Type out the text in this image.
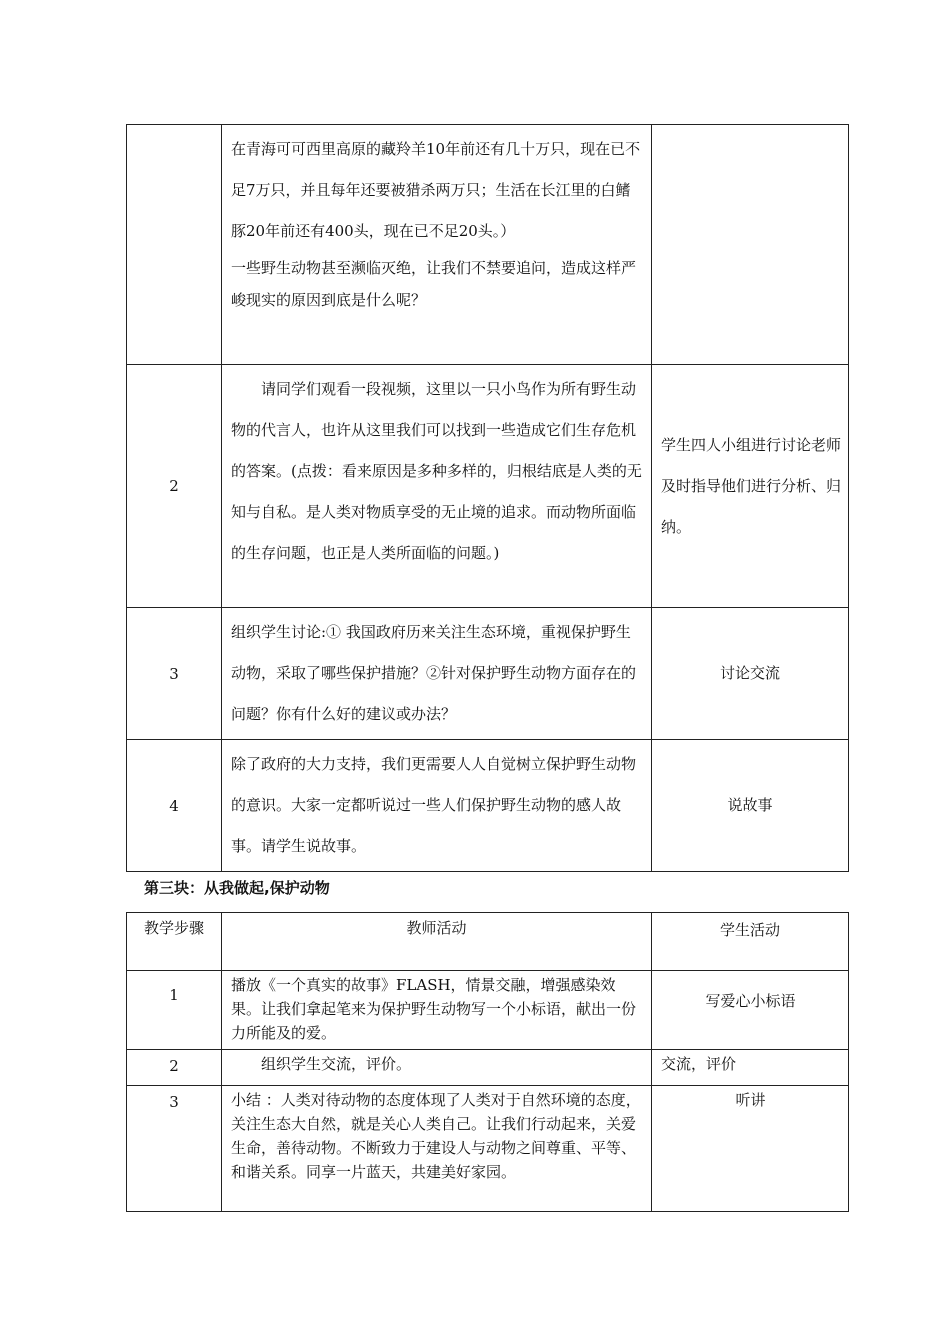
	在青海可可西里高原的藏羚羊10年前还有几十万只，现在已不足7万只，并且每年还要被猎杀两万只；生活在长江里的白鳍豚20年前还有400头，现在已不足20头。）

一些野生动物甚至濒临灭绝，让我们不禁要追问，造成这样严峻现实的原因到底是什么呢？	

2	请同学们观看一段视频，这里以一只小鸟作为所有野生动物的代言人，也许从这里我们可以找到一些造成它们生存危机的答案。(点拨：看来原因是多种多样的，归根结底是人类的无知与自私。是人类对物质享受的无止境的追求。而动物所面临的生存问题，也正是人类所面临的问题。)	学生四人小组进行讨论老师及时指导他们进行分析、归纳。
3	组织学生讨论:① 我国政府历来关注生态环境，重视保护野生动物，采取了哪些保护措施？②针对保护野生动物方面存在的问题？你有什么好的建议或办法？	讨论交流
4	除了政府的大力支持，我们更需要人人自觉树立保护野生动物的意识。大家一定都听说过一些人们保护野生动物的感人故事。请学生说故事。	说故事
第三块：从我做起,保护动物
教学步骤	教师活动	学生活动
1	播放《一个真实的故事》FLASH，情景交融，增强感染效果。让我们拿起笔来为保护野生动物写一个小标语，献出一份力所能及的爱。	写爱心小标语
2	组织学生交流，评价。	交流，评价
3	小结 ：人类对待动物的态度体现了人类对于自然环境的态度，关注生态大自然，就是关心人类自己。让我们行动起来，关爱生命，善待动物。不断致力于建设人与动物之间尊重、平等、和谐关系。同享一片蓝天，共建美好家园。	听讲
